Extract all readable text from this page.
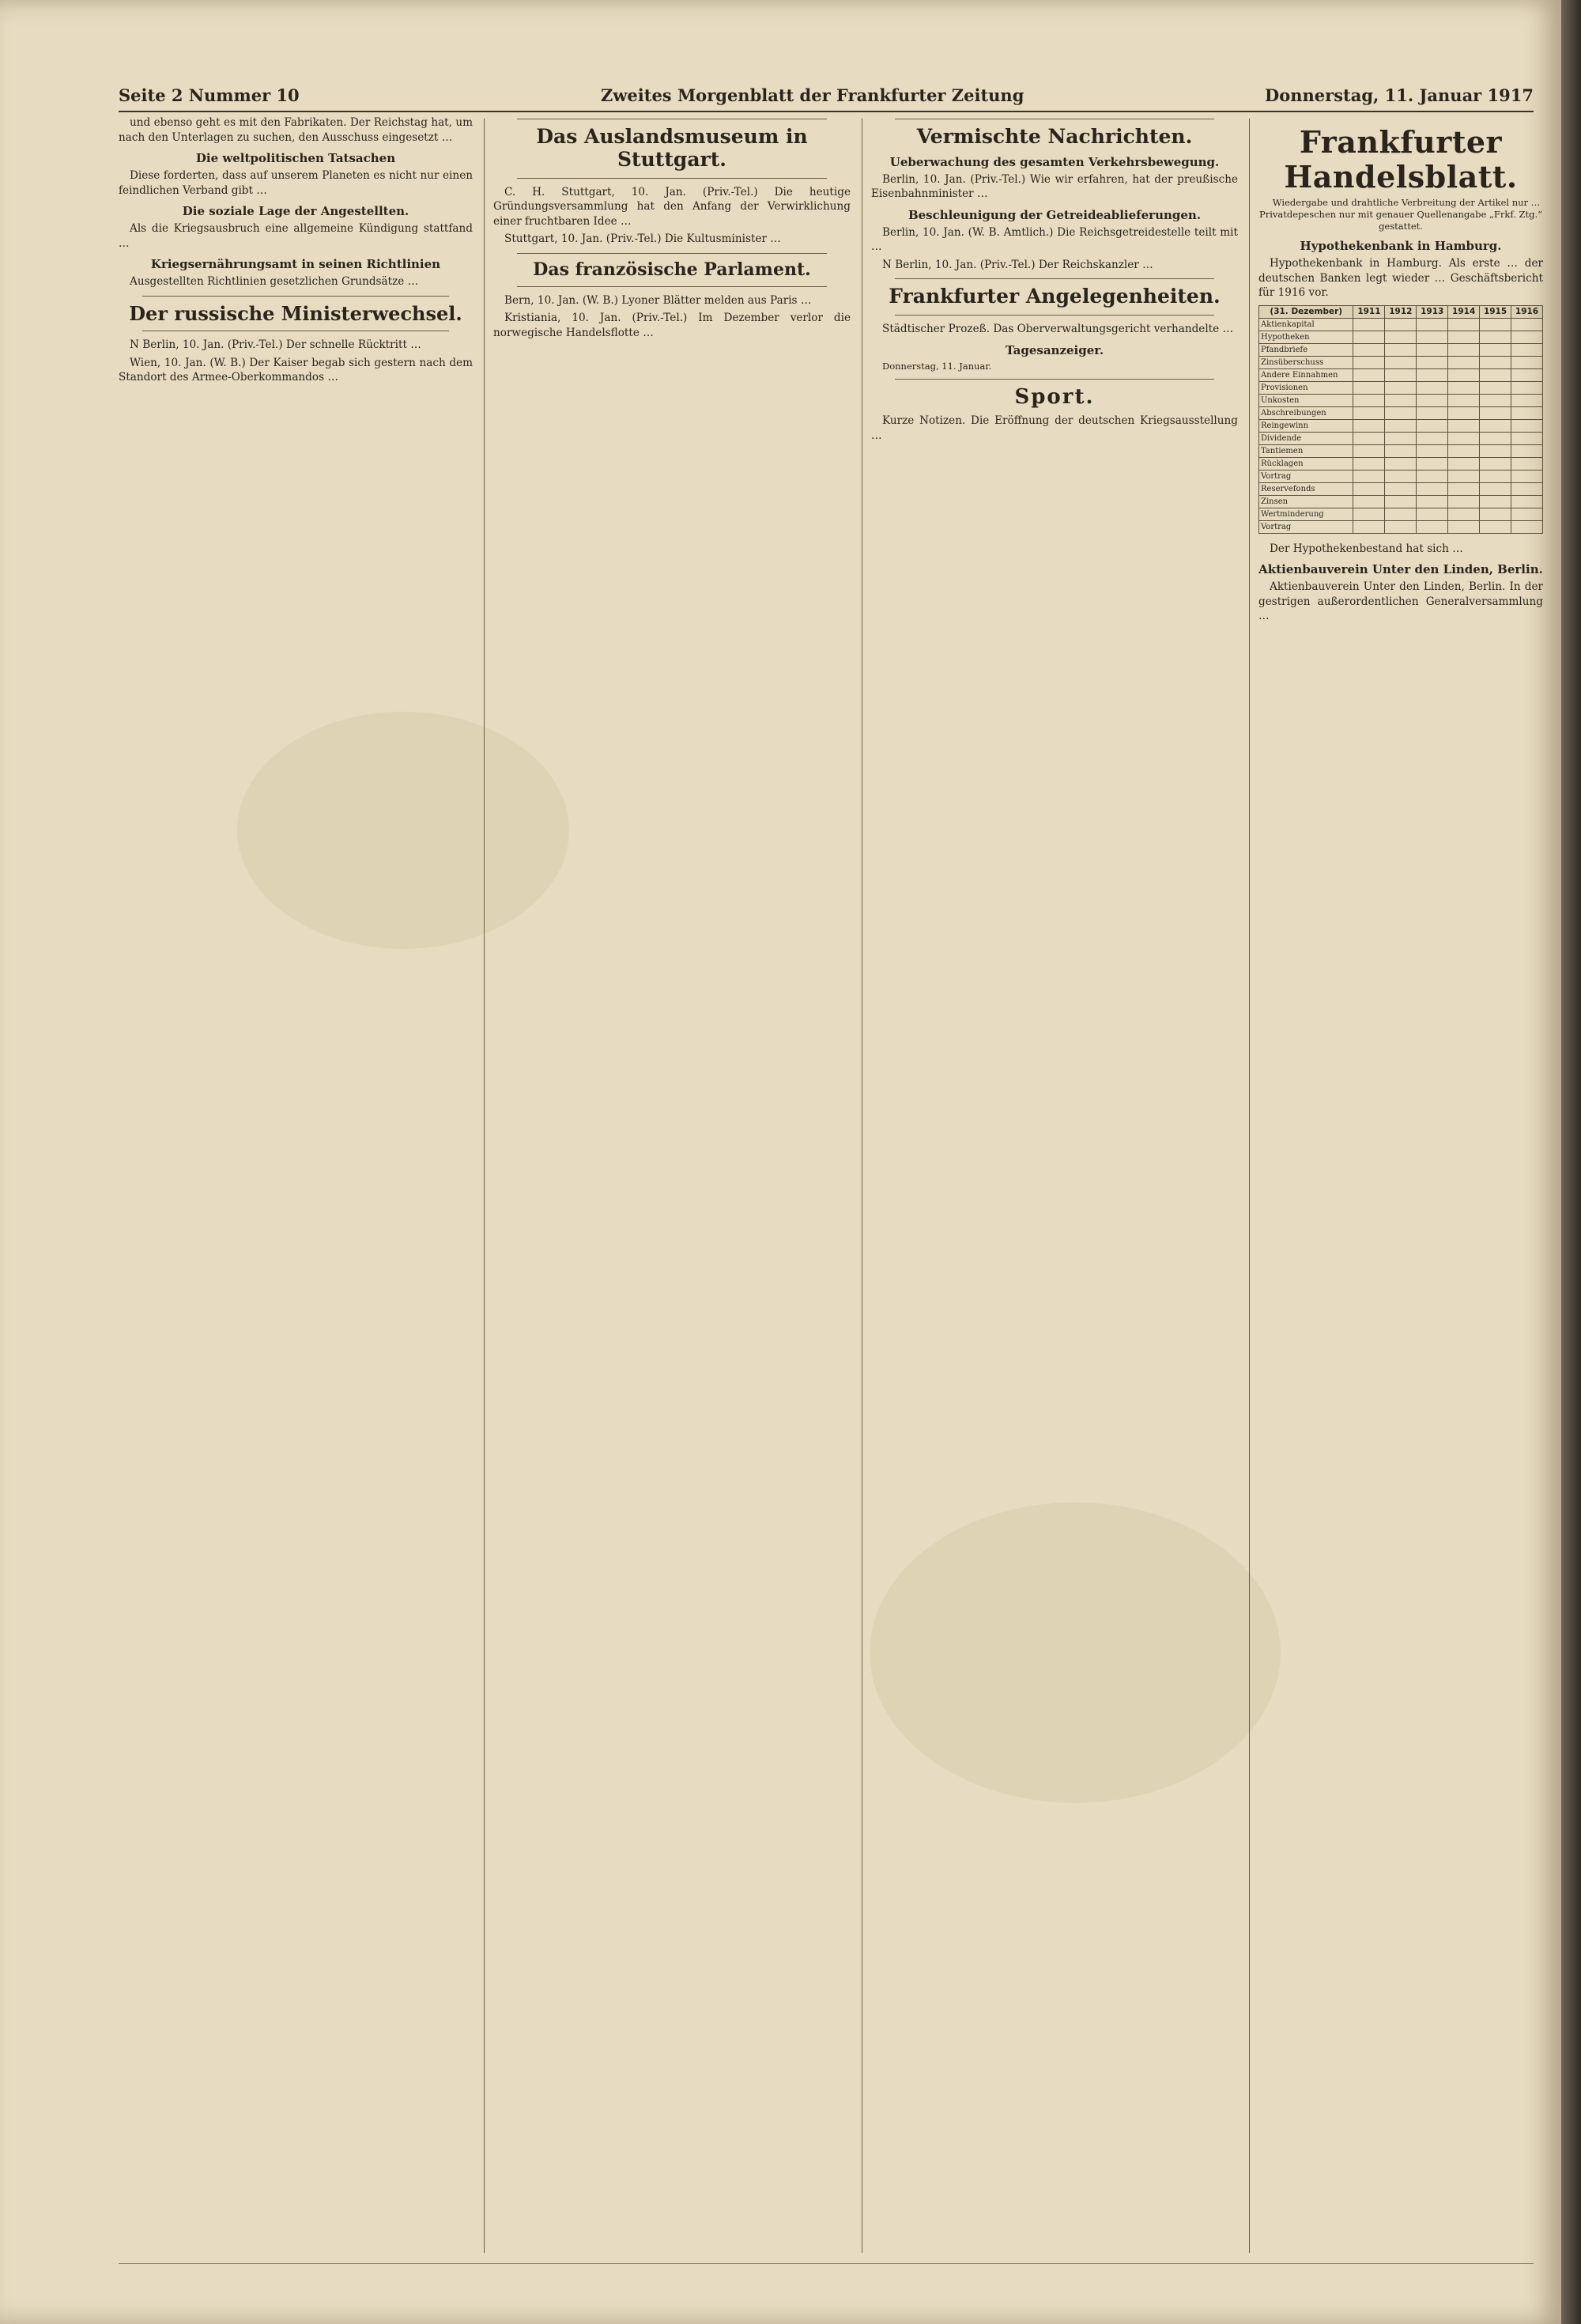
Seite 2 Nummer 10	Zweites Morgenblatt der Frankfurter Zeitung	Donnerstag, 11. Januar 1917

und ebenso geht es mit den Fabrikaten. Der Reichstag hat, um nach den Unterlagen zu suchen, den Ausschuss eingesetzt …

Die weltpolitischen Tatsachen

Diese forderten, dass auf unserem Planeten es nicht nur einen feindlichen Verband gibt …

Die soziale Lage der Angestellten.

Als die Kriegsausbruch eine allgemeine Kündigung stattfand …

Kriegsernährungsamt in seinen Richtlinien

Ausgestellten Richtlinien gesetzlichen Grundsätze …

Der russische Ministerwechsel.

N Berlin, 10. Jan. (Priv.-Tel.) Der schnelle Rücktritt …

Wien, 10. Jan. (W. B.) Der Kaiser begab sich gestern nach dem Standort des Armee-Oberkommandos …

Das Auslandsmuseum in Stuttgart.

C. H. Stuttgart, 10. Jan. (Priv.-Tel.) Die heutige Gründungsversammlung hat den Anfang der Verwirklichung einer fruchtbaren Idee …

Stuttgart, 10. Jan. (Priv.-Tel.) Die Kultusminister …

Das französische Parlament.

Bern, 10. Jan. (W. B.) Lyoner Blätter melden aus Paris …

Kristiania, 10. Jan. (Priv.-Tel.) Im Dezember verlor die norwegische Handelsflotte …

Vermischte Nachrichten.
Ueberwachung des gesamten Verkehrsbewegung.

Berlin, 10. Jan. (Priv.-Tel.) Wie wir erfahren, hat der preußische Eisenbahnminister …

Beschleunigung der Getreideablieferungen.

Berlin, 10. Jan. (W. B. Amtlich.) Die Reichsgetreidestelle teilt mit …

N Berlin, 10. Jan. (Priv.-Tel.) Der Reichskanzler …

Frankfurter Angelegenheiten.

Städtischer Prozeß. Das Oberverwaltungsgericht verhandelte …

Tagesanzeiger.

Donnerstag, 11. Januar.

Sport.

Kurze Notizen. Die Eröffnung der deutschen Kriegsausstellung …

Frankfurter Handelsblatt.

Wiedergabe und drahtliche Verbreitung der Artikel nur … Privatdepeschen nur mit genauer Quellenangabe „Frkf. Ztg.“ gestattet.

Hypothekenbank in Hamburg.

Hypothekenbank in Hamburg. Als erste … der deutschen Banken legt wieder … Geschäftsbericht für 1916 vor.

(31. Dezember)	1911	1912	1913	1914	1915	1916
Aktienkapital						
Hypotheken						
Pfandbriefe						
Zinsüberschuss						
Andere Einnahmen						
Provisionen						
Unkosten						
Abschreibungen						
Reingewinn						
Dividende						
Tantiemen						
Rücklagen						
Vortrag						
Reservefonds						
Zinsen						
Wertminderung						
Vortrag						

Der Hypothekenbestand hat sich …

Aktienbauverein Unter den Linden, Berlin.

Aktienbauverein Unter den Linden, Berlin. In der gestrigen außerordentlichen Generalversammlung …
